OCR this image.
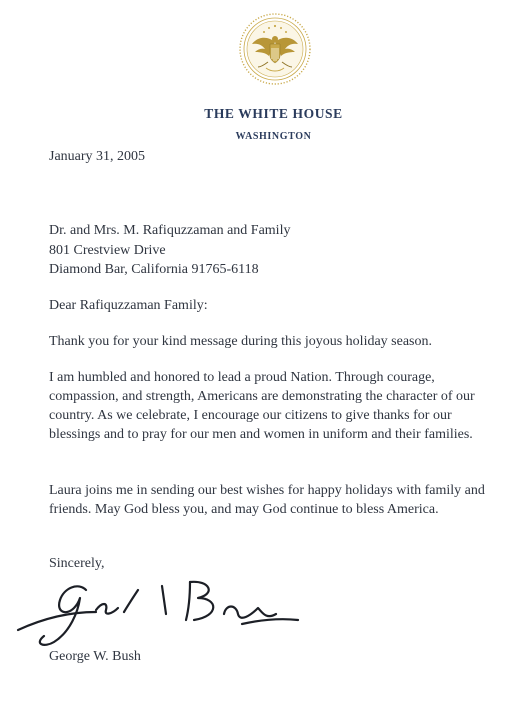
THE WHITE HOUSE
WASHINGTON
January 31, 2005
Dr. and Mrs. M. Rafiquzzaman and Family
801 Crestview Drive
Diamond Bar, California 91765-6118
Dear Rafiquzzaman Family:
Thank you for your kind message during this joyous holiday season.
I am humbled and honored to lead a proud Nation. Through courage, compassion, and strength, Americans are demonstrating the character of our country. As we celebrate, I encourage our citizens to give thanks for our blessings and to pray for our men and women in uniform and their families.
Laura joins me in sending our best wishes for happy holidays with family and friends. May God bless you, and may God continue to bless America.
Sincerely,
George W. Bush
